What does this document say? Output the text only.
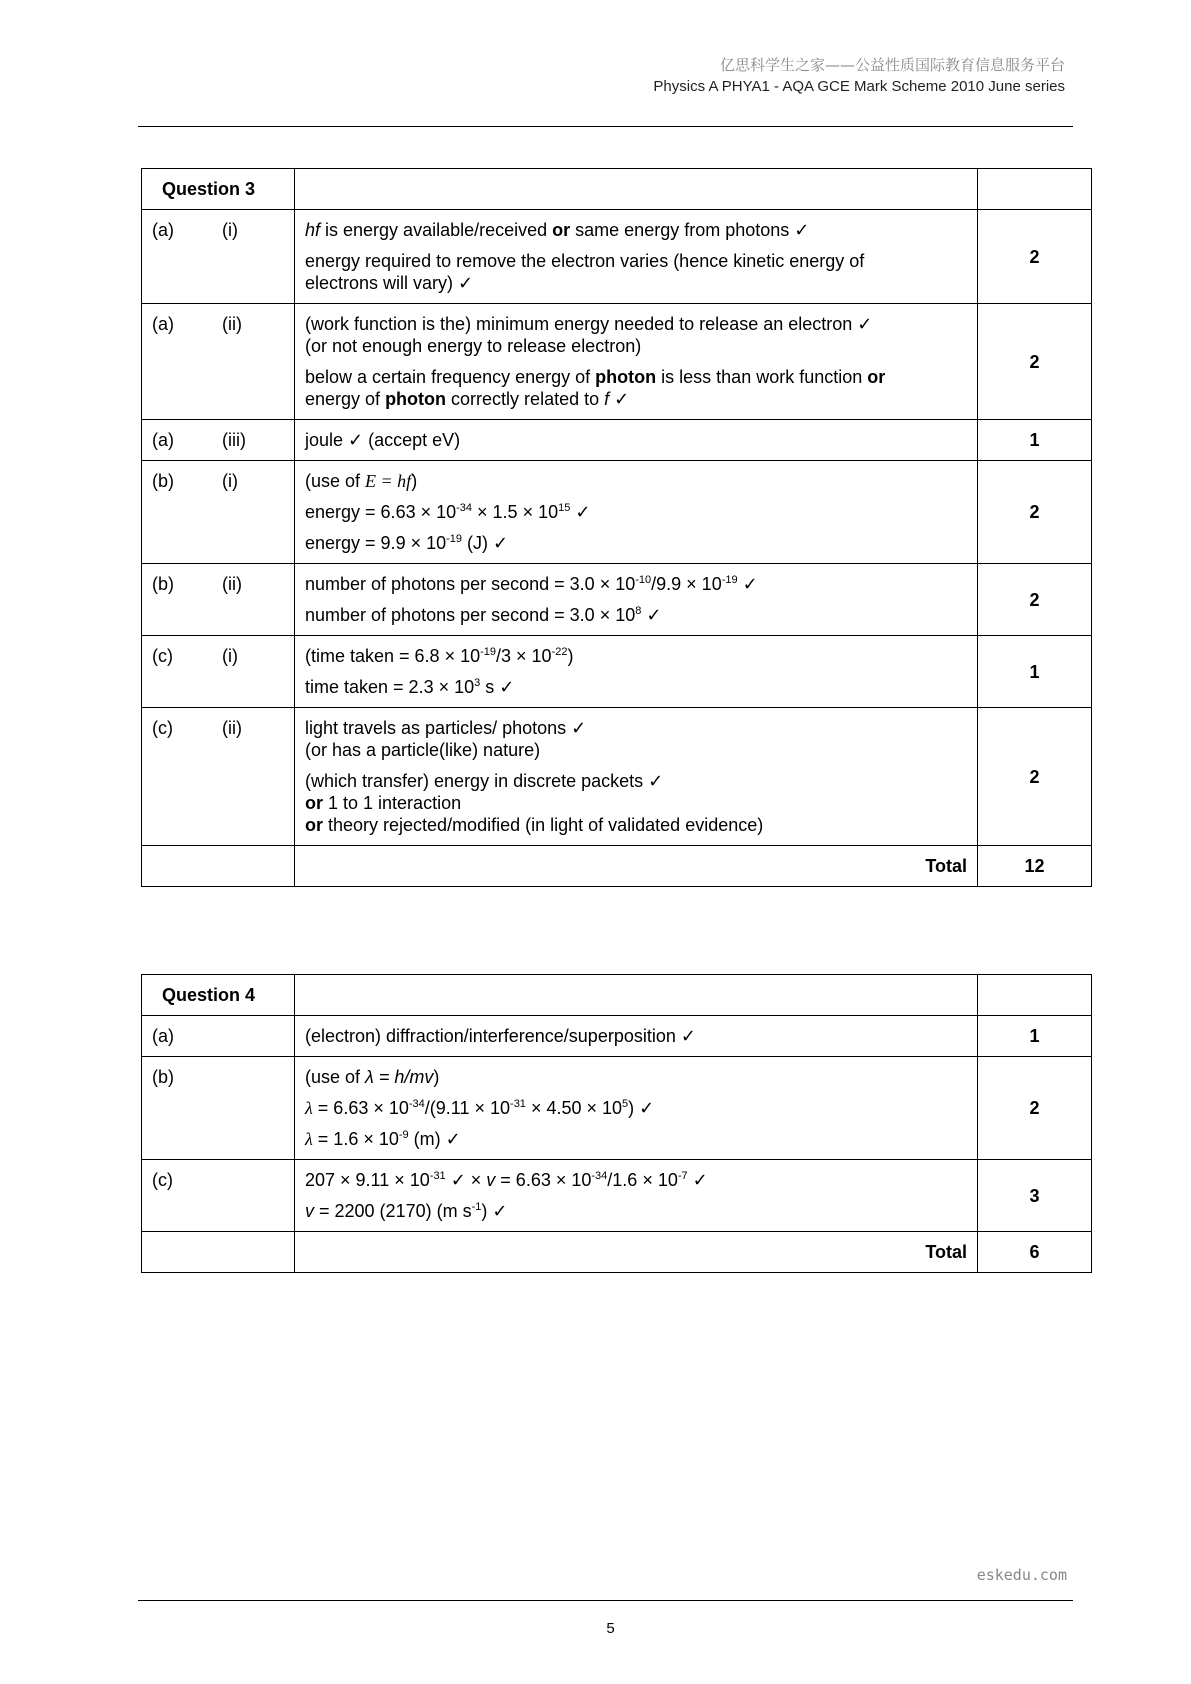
亿思科学生之家——公益性质国际教育信息服务平台
Physics A PHYA1 - AQA GCE Mark Scheme 2010 June series
Question 3		
(a) (i)	hf is energy available/received or same energy from photons ✓
energy required to remove the electron varies (hence kinetic energy of
electrons will vary) ✓	2
(a) (ii)	(work function is the) minimum energy needed to release an electron ✓
(or not enough energy to release electron)
below a certain frequency energy of photon is less than work function or
energy of photon correctly related to f ✓	2
(a) (iii)	joule ✓ (accept eV)	1
(b) (i)	(use of E = hf)
energy = $6.63 \times 10^{-34} \times 1.5 \times 10^{15}$ ✓
energy = $9.9 \times 10^{-19}$ (J) ✓	2
(b) (ii)	number of photons per second = $3.0 \times 10^{-10}/9.9 \times 10^{-19}$ ✓
number of photons per second = $3.0 \times 10^8$ ✓	2
(c) (i)	(time taken = $6.8 \times 10^{-19}/3 \times 10^{-22}$)
time taken = $2.3 \times 10^3$ s ✓	1
(c) (ii)	light travels as particles/ photons ✓
(or has a particle(like) nature)
(which transfer) energy in discrete packets ✓
or 1 to 1 interaction
or theory rejected/modified (in light of validated evidence)	2
	Total	12
Question 4		
(a)	(electron) diffraction/interference/superposition ✓	1
(b)	(use of λ = h/mv)
$\lambda = 6.63 \times 10^{-34}/(9.11 \times 10^{-31} \times 4.50 \times 10^5)$ ✓
$\lambda = 1.6 \times 10^{-9}$ (m) ✓	2
(c)	$207 \times 9.11 \times 10^{-31}$ ✓ × $v = 6.63 \times 10^{-34}/1.6 \times 10^{-7}$ ✓
v = 2200 (2170) (m $s^{-1}$) ✓	3
	Total	6
eskedu.com
5
